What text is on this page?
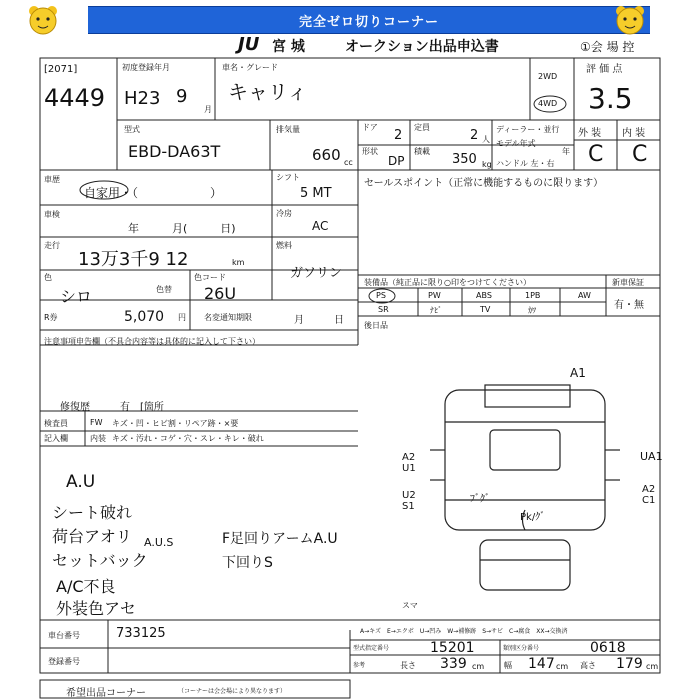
完全ゼロ切りコーナー
JU 宮 城	オークション出品申込書	①会 場 控
[2071]
4449
初度登録年月
H23 9
月
車名・グレード
キャリィ
2WD
4WD
評 価 点
3.5
型式
EBD-DA63T
排気量
660 cc
ドア
2
定員
2 人
形状
DP
積載
350 kg
ディーラー・並行
モデル年式
年
ハンドル 左・右
外 装 内 装
C C
車歴
自家用・（　　　　　　）
車検
年　　　月(　　　日)
走行
13万3千9 12	km
色
シロ	色替
色コード
26U
R券	5,070 円 名変通知期限	月　　　日
シフト
5 MT
冷房
AC
燃料
ガソリン
セールスポイント（正常に機能するものに限ります）
装備品（純正品に限り○印をつけてください）	新車保証
PS	PW	ABS	1PB	AW
SR	ﾅﾋﾞ	TV	ｶﾜ	有・無
後日品
注意事項申告欄（不具合内容等は具体的に記入して下さい）
修復歴	有　[箇所
検査員
記入欄
FW キズ・凹・ヒビ割・リペア跡・×要
内装 キズ・汚れ・コゲ・穴・スレ・キレ・破れ
A.U
シート破れ
荷台アオリ
セットバック
A.U.S
A/C不良
外装色アセ
F足回りアームA.U
下回りS
A1
A2
U1
U2
S1
UA1
A2
C1
ﾌﾞｸﾞ
Pk/ｸﾞ
スマ
A→キズ　E→エクボ　U→凹み　W→補修跡　S→サビ　C→腐食　XX→交換済
車台番号	733125
登録番号
型式指定番号	15201	類別区分番号	0618
参考	長さ 339 cm 幅 147 cm 高さ 179 cm
希望出品コーナー	（コーナーは会会場により異なります）
